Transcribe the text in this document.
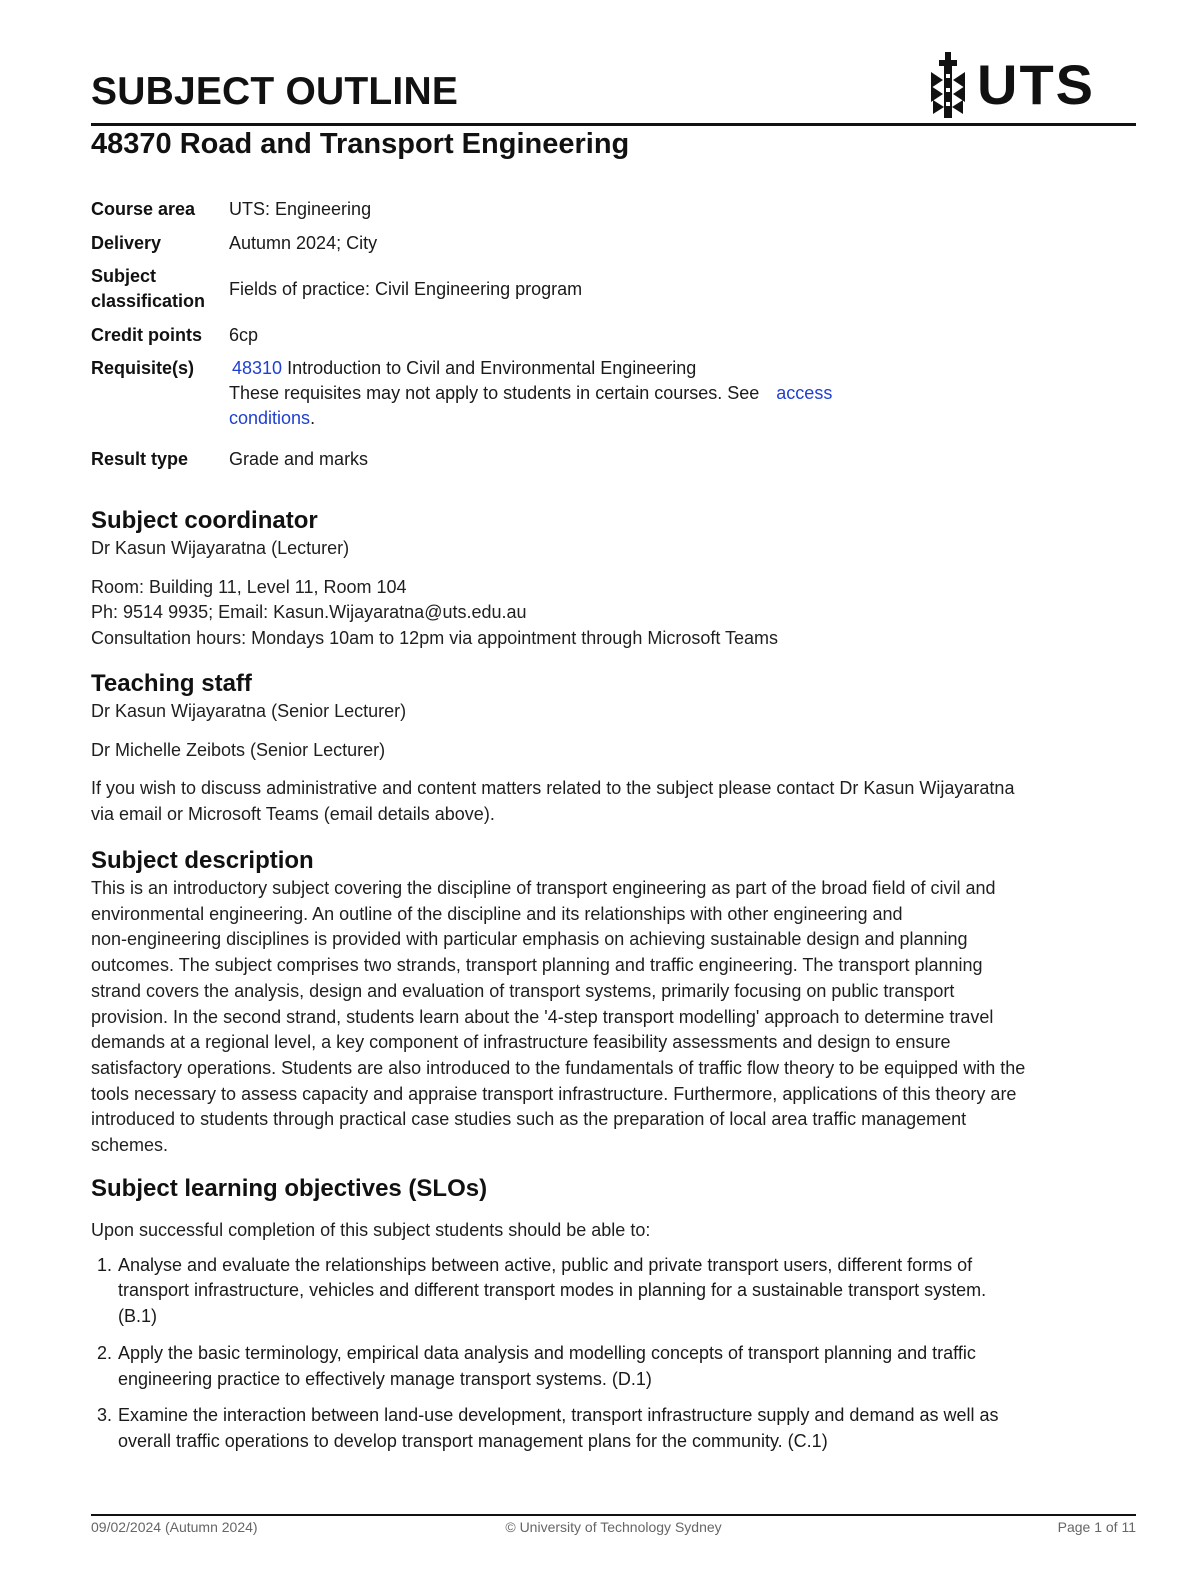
SUBJECT OUTLINE	UTS
48370 Road and Transport Engineering
Course area	UTS: Engineering
Delivery	Autumn 2024; City
Subject
classification	Fields of practice: Civil Engineering program
Credit points	6cp
Requisite(s)	48310 Introduction to Civil and Environmental Engineering
These requisites may not apply to students in certain courses. See access
conditions.
Result type	Grade and marks
Subject coordinator

Dr Kasun Wijayaratna (Lecturer)

Room: Building 11, Level 11, Room 104

Ph: 9514 9935; Email: Kasun.Wijayaratna@uts.edu.au

Consultation hours: Mondays 10am to 12pm via appointment through Microsoft Teams

Teaching staff

Dr Kasun Wijayaratna (Senior Lecturer)

Dr Michelle Zeibots (Senior Lecturer)

If you wish to discuss administrative and content matters related to the subject please contact Dr Kasun Wijayaratna
via email or Microsoft Teams (email details above).

Subject description

This is an introductory subject covering the discipline of transport engineering as part of the broad field of civil and
environmental engineering. An outline of the discipline and its relationships with other engineering and
non-engineering disciplines is provided with particular emphasis on achieving sustainable design and planning
outcomes. The subject comprises two strands, transport planning and traffic engineering. The transport planning
strand covers the analysis, design and evaluation of transport systems, primarily focusing on public transport
provision. In the second strand, students learn about the '4-step transport modelling' approach to determine travel
demands at a regional level, a key component of infrastructure feasibility assessments and design to ensure
satisfactory operations. Students are also introduced to the fundamentals of traffic flow theory to be equipped with the
tools necessary to assess capacity and appraise transport infrastructure. Furthermore, applications of this theory are
introduced to students through practical case studies such as the preparation of local area traffic management
schemes.

Subject learning objectives (SLOs)

Upon successful completion of this subject students should be able to:

1. Analyse and evaluate the relationships between active, public and private transport users, different forms of
transport infrastructure, vehicles and different transport modes in planning for a sustainable transport system.
(B.1)
2. Apply the basic terminology, empirical data analysis and modelling concepts of transport planning and traffic
engineering practice to effectively manage transport systems. (D.1)
3. Examine the interaction between land-use development, transport infrastructure supply and demand as well as
overall traffic operations to develop transport management plans for the community. (C.1)
09/02/2024 (Autumn 2024)	© University of Technology Sydney	Page 1 of 11
